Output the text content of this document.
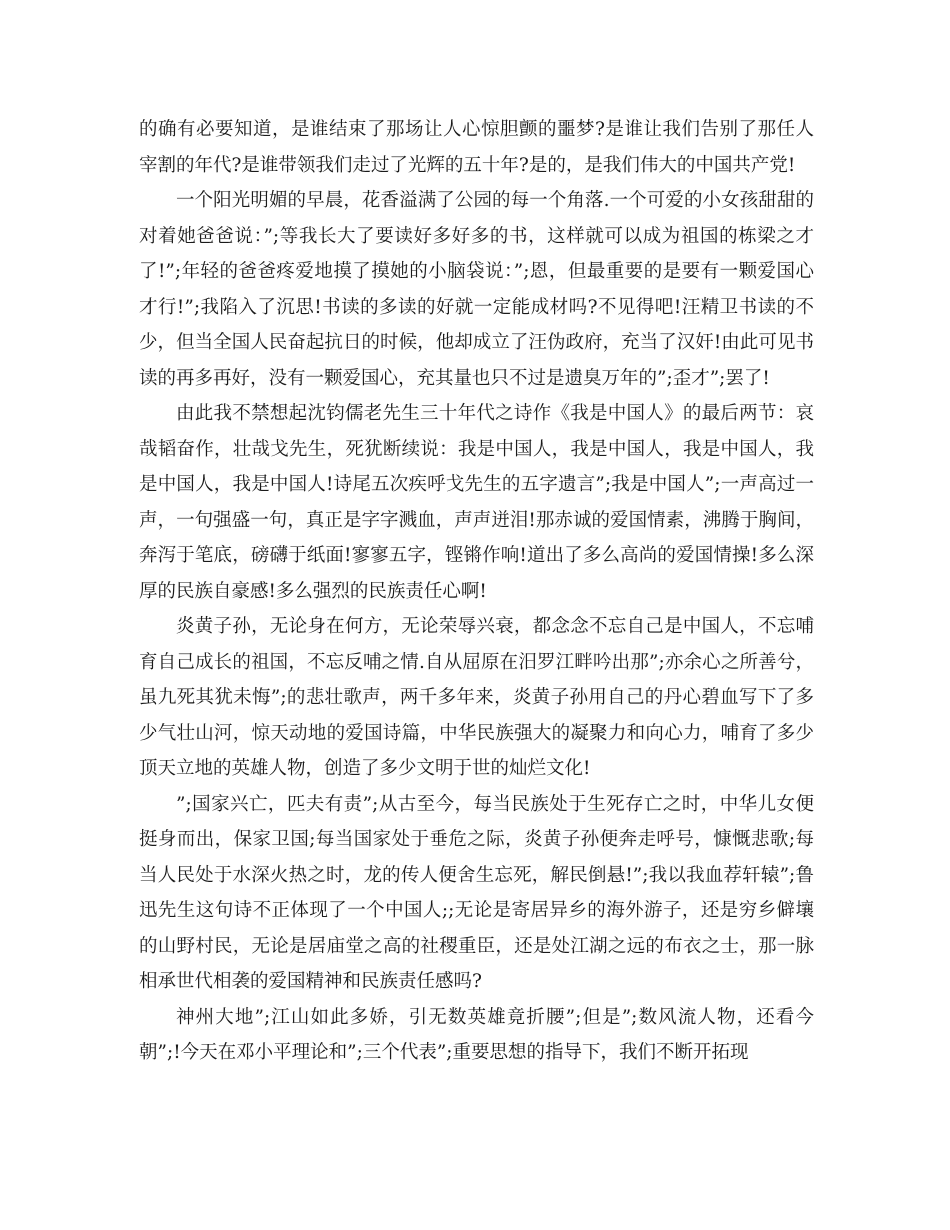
的确有必要知道，是谁结束了那场让人心惊胆颤的噩梦?是谁让我们告别了那任人宰割的年代?是谁带领我们走过了光辉的五十年?是的，是我们伟大的中国共产党!

一个阳光明媚的早晨，花香溢满了公园的每一个角落.一个可爱的小女孩甜甜的对着她爸爸说：”;等我长大了要读好多好多的书，这样就可以成为祖国的栋梁之才了!”;年轻的爸爸疼爱地摸了摸她的小脑袋说：”;恩，但最重要的是要有一颗爱国心才行!”;我陷入了沉思!书读的多读的好就一定能成材吗?不见得吧!汪精卫书读的不少，但当全国人民奋起抗日的时候，他却成立了汪伪政府，充当了汉奸!由此可见书读的再多再好，没有一颗爱国心，充其量也只不过是遗臭万年的”;歪才”;罢了!

由此我不禁想起沈钧儒老先生三十年代之诗作《我是中国人》的最后两节：哀哉韬奋作，壮哉戈先生，死犹断续说：我是中国人，我是中国人，我是中国人，我是中国人，我是中国人!诗尾五次疾呼戈先生的五字遗言”;我是中国人”;一声高过一声，一句强盛一句，真正是字字溅血，声声迸泪!那赤诚的爱国情素，沸腾于胸间，奔泻于笔底，磅礴于纸面!寥寥五字，铿锵作响!道出了多么高尚的爱国情操!多么深厚的民族自豪感!多么强烈的民族责任心啊!

炎黄子孙，无论身在何方，无论荣辱兴衰，都念念不忘自己是中国人，不忘哺育自己成长的祖国，不忘反哺之情.自从屈原在汨罗江畔吟出那”;亦余心之所善兮，虽九死其犹未悔”;的悲壮歌声，两千多年来，炎黄子孙用自己的丹心碧血写下了多少气壮山河，惊天动地的爱国诗篇，中华民族强大的凝聚力和向心力，哺育了多少顶天立地的英雄人物，创造了多少文明于世的灿烂文化!

”;国家兴亡，匹夫有责”;从古至今，每当民族处于生死存亡之时，中华儿女便挺身而出，保家卫国;每当国家处于垂危之际，炎黄子孙便奔走呼号，慷慨悲歌;每当人民处于水深火热之时，龙的传人便舍生忘死，解民倒悬!”;我以我血荐轩辕”;鲁迅先生这句诗不正体现了一个中国人;;无论是寄居异乡的海外游子，还是穷乡僻壤的山野村民，无论是居庙堂之高的社稷重臣，还是处江湖之远的布衣之士，那一脉相承世代相袭的爱国精神和民族责任感吗?

神州大地”;江山如此多娇，引无数英雄竟折腰”;但是”;数风流人物，还看今朝”;!今天在邓小平理论和”;三个代表”;重要思想的指导下，我们不断开拓现
